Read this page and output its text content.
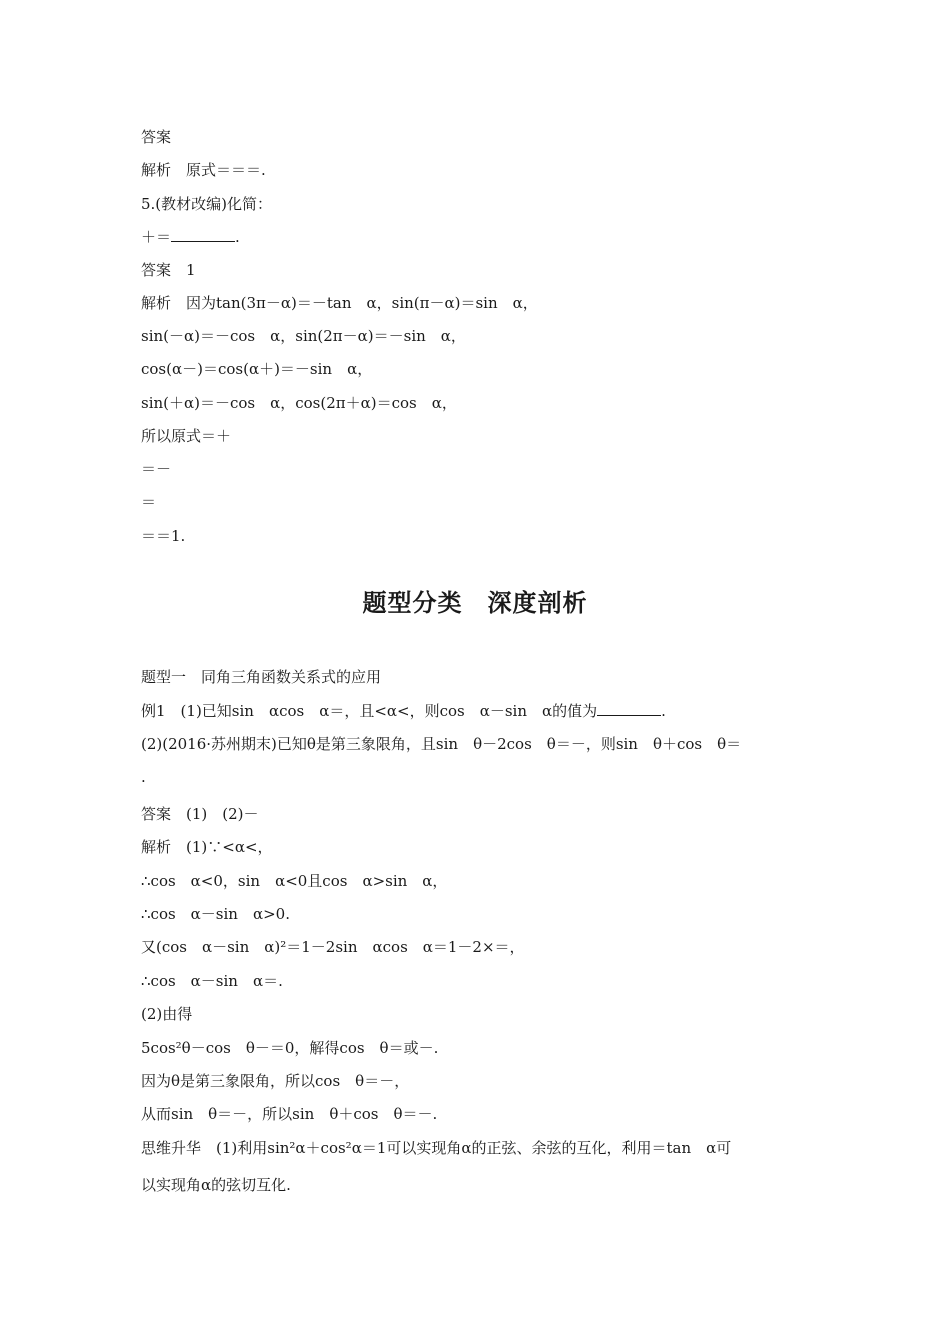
答案
解析　原式＝＝＝.
5.(教材改编)化简：
＋＝	.
答案　1
解析　因为tan(3π－α)＝－tan　α，sin(π－α)＝sin　α，
sin(－α)＝－cos　α，sin(2π－α)＝－sin　α，
cos(α－)＝cos(α＋)＝－sin　α，
sin(＋α)＝－cos　α，cos(2π＋α)＝cos　α，
所以原式＝＋
＝－
＝
＝＝1.
题型分类　深度剖析
题型一　同角三角函数关系式的应用
例1　(1)已知sin　αcos　α＝，且<α<，则cos　α－sin　α的值为	.
(2)(2016·苏州期末)已知θ是第三象限角，且sin　θ－2cos　θ＝－，则sin　θ＋cos　θ＝
.
答案　(1)　(2)－
解析　(1)∵<α<，
∴cos　α<0，sin　α<0且cos　α>sin　α，
∴cos　α－sin　α>0.
又(cos　α－sin　α)²＝1－2sin　αcos　α＝1－2×＝，
∴cos　α－sin　α＝.
(2)由得
5cos²θ－cos　θ－＝0，解得cos　θ＝或－.
因为θ是第三象限角，所以cos　θ＝－，
从而sin　θ＝－，所以sin　θ＋cos　θ＝－.
思维升华　(1)利用sin²α＋cos²α＝1可以实现角α的正弦、余弦的互化，利用＝tan　α可
以实现角α的弦切互化.
